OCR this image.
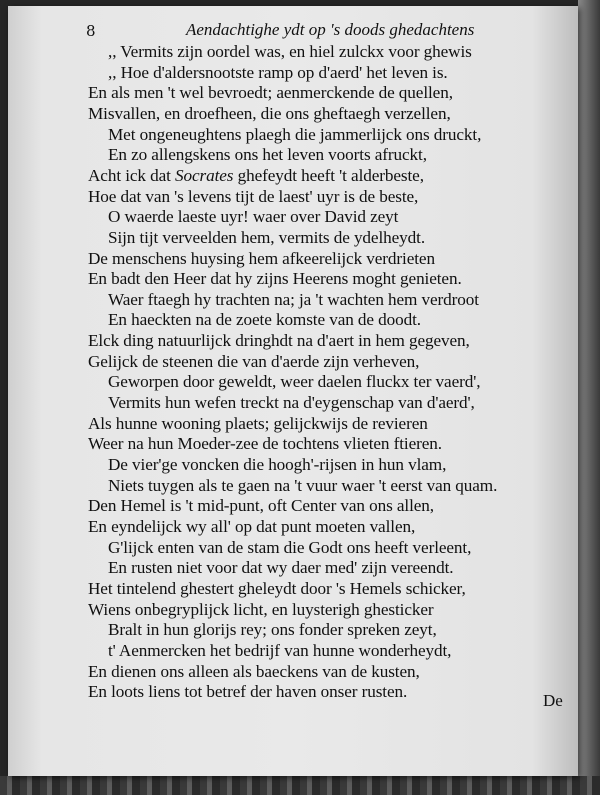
,, Vermits zijn oordel was, en hiel zulckx voor ghewis
,, Hoe d'aldersnootste ramp op d'aerd' het leven is.
En als men 't wel bevroedt; aenmerckende de quellen,
Misvallen, en droefheen, die ons gheftaegh verzellen,
Met ongeneughtens plaegh die jammerlijck ons druckt,
En zo allengskens ons het leven voorts afruckt,
Acht ick dat Socrates ghefeydt heeft 't alderbeste,
Hoe dat van 's levens tijt de laest' uyr is de beste,
O waerde laeste uyr! waer over David zeyt
Sijn tijt verveelden hem, vermits de ydelheydt.
De menschens huysing hem afkeerelijck verdrieten
En badt den Heer dat hy zijns Heerens moght genieten.
Waer ftaegh hy trachten na; ja 't wachten hem verdroot
En haeckten na de zoete komste van de doodt.
Elck ding natuurlijck dringhdt na d'aert in hem gegeven,
Gelijck de steenen die van d'aerde zijn verheven,
Geworpen door geweldt, weer daelen fluckx ter vaerd',
Vermits hun wefen treckt na d'eygenschap van d'aerd',
Als hunne wooning plaets; gelijckwijs de revieren
Weer na hun Moeder-zee de tochtens vlieten ftieren.
De vier'ge voncken die hoogh'-rijsen in hun vlam,
Niets tuygen als te gaen na 't vuur waer 't eerst van quam.
Den Hemel is 't mid-punt, oft Center van ons allen,
En eyndelijck wy all' op dat punt moeten vallen,
G'lijck enten van de stam die Godt ons heeft verleent,
En rusten niet voor dat wy daer med' zijn vereendt.
Het tintelend ghestert gheleydt door 's Hemels schicker,
Wiens onbegryplijck licht, en luysterigh ghesticker
Bralt in hun glorijs rey; ons fonder spreken zeyt,
t' Aenmercken het bedrijf van hunne wonderheydt,
En dienen ons alleen als baeckens van de kusten,
En loots liens tot betref der haven onser rusten.
8	Aendachtighe ydt op 's doods ghedachtens
De
